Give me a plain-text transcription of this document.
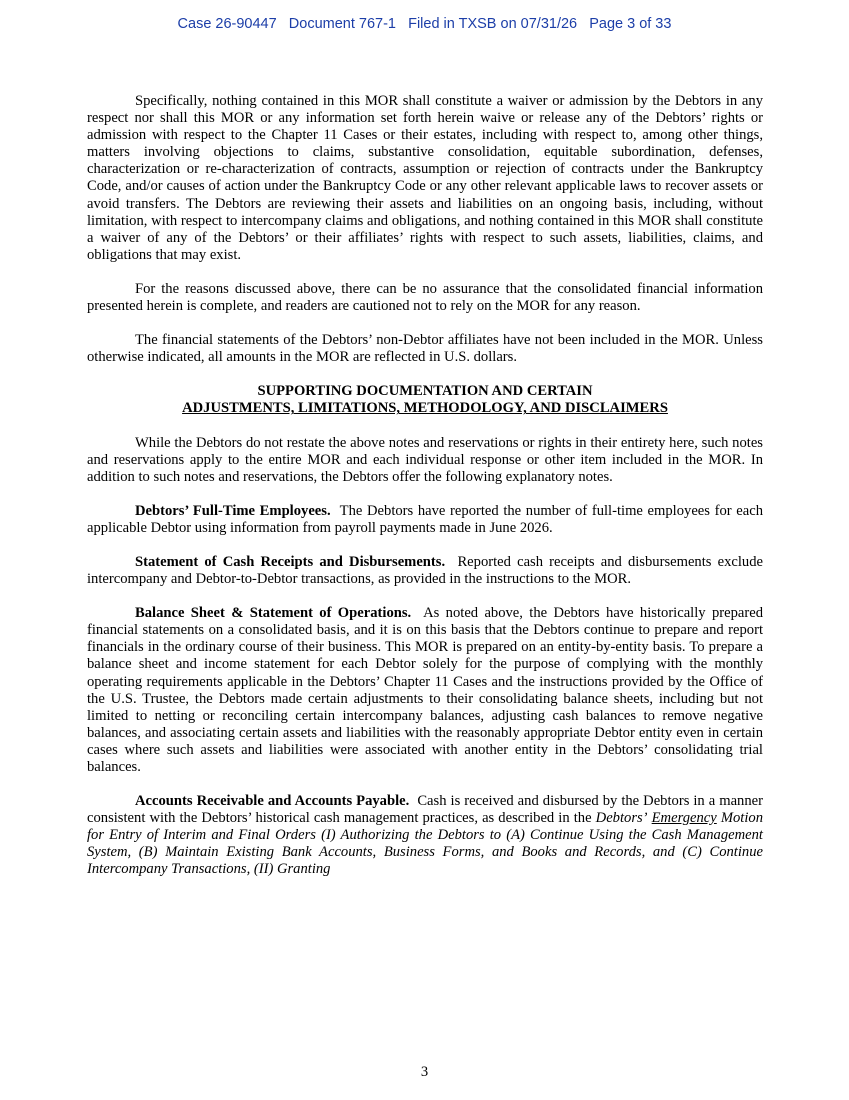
Case 26-90447 Document 767-1 Filed in TXSB on 07/31/26 Page 3 of 33

Specifically, nothing contained in this MOR shall constitute a waiver or admission by the Debtors in any respect nor shall this MOR or any information set forth herein waive or release any of the Debtors’ rights or admission with respect to the Chapter 11 Cases or their estates, including with respect to, among other things, matters involving objections to claims, substantive consolidation, equitable subordination, defenses, characterization or re-characterization of contracts, assumption or rejection of contracts under the Bankruptcy Code, and/or causes of action under the Bankruptcy Code or any other relevant applicable laws to recover assets or avoid transfers. The Debtors are reviewing their assets and liabilities on an ongoing basis, including, without limitation, with respect to intercompany claims and obligations, and nothing contained in this MOR shall constitute a waiver of any of the Debtors’ or their affiliates’ rights with respect to such assets, liabilities, claims, and obligations that may exist.

For the reasons discussed above, there can be no assurance that the consolidated financial information presented herein is complete, and readers are cautioned not to rely on the MOR for any reason.

The financial statements of the Debtors’ non-Debtor affiliates have not been included in the MOR. Unless otherwise indicated, all amounts in the MOR are reflected in U.S. dollars.

SUPPORTING DOCUMENTATION AND CERTAIN
ADJUSTMENTS, LIMITATIONS, METHODOLOGY, AND DISCLAIMERS

While the Debtors do not restate the above notes and reservations or rights in their entirety here, such notes and reservations apply to the entire MOR and each individual response or other item included in the MOR. In addition to such notes and reservations, the Debtors offer the following explanatory notes.

Debtors’ Full-Time Employees. The Debtors have reported the number of full-time employees for each applicable Debtor using information from payroll payments made in June 2026.

Statement of Cash Receipts and Disbursements. Reported cash receipts and disbursements exclude intercompany and Debtor-to-Debtor transactions, as provided in the instructions to the MOR.

Balance Sheet & Statement of Operations. As noted above, the Debtors have historically prepared financial statements on a consolidated basis, and it is on this basis that the Debtors continue to prepare and report financials in the ordinary course of their business. This MOR is prepared on an entity-by-entity basis. To prepare a balance sheet and income statement for each Debtor solely for the purpose of complying with the monthly operating requirements applicable in the Debtors’ Chapter 11 Cases and the instructions provided by the Office of the U.S. Trustee, the Debtors made certain adjustments to their consolidating balance sheets, including but not limited to netting or reconciling certain intercompany balances, adjusting cash balances to remove negative balances, and associating certain assets and liabilities with the reasonably appropriate Debtor entity even in certain cases where such assets and liabilities were associated with another entity in the Debtors’ consolidating trial balances.

Accounts Receivable and Accounts Payable. Cash is received and disbursed by the Debtors in a manner consistent with the Debtors’ historical cash management practices, as described in the Debtors’ Emergency Motion for Entry of Interim and Final Orders (I) Authorizing the Debtors to (A) Continue Using the Cash Management System, (B) Maintain Existing Bank Accounts, Business Forms, and Books and Records, and (C) Continue Intercompany Transactions, (II) Granting

3
